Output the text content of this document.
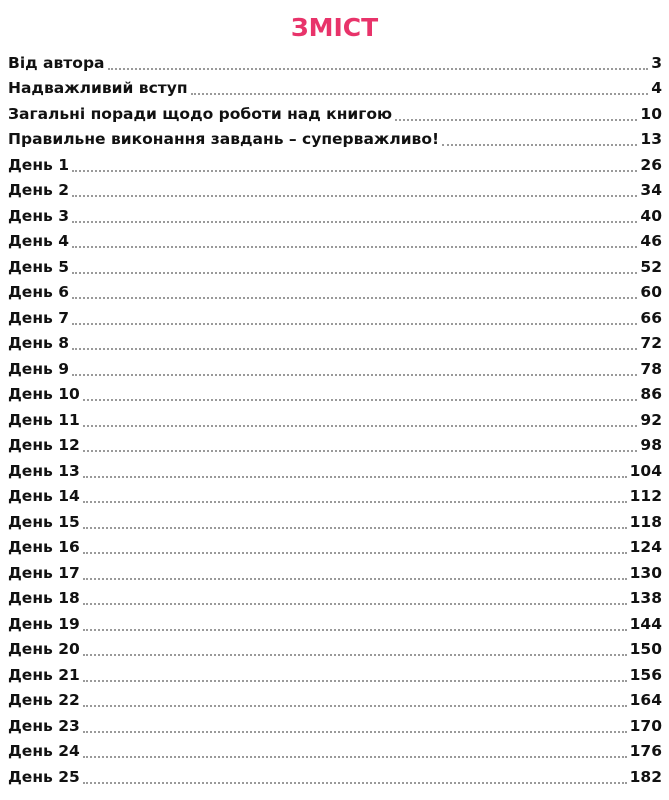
ЗМІСТ
Від автора	3
Надважливий вступ	4
Загальні поради щодо роботи над книгою	10
Правильне виконання завдань – суперважливо!	13
День 1	26
День 2	34
День 3	40
День 4	46
День 5	52
День 6	60
День 7	66
День 8	72
День 9	78
День 10	86
День 11	92
День 12	98
День 13	104
День 14	112
День 15	118
День 16	124
День 17	130
День 18	138
День 19	144
День 20	150
День 21	156
День 22	164
День 23	170
День 24	176
День 25	182
